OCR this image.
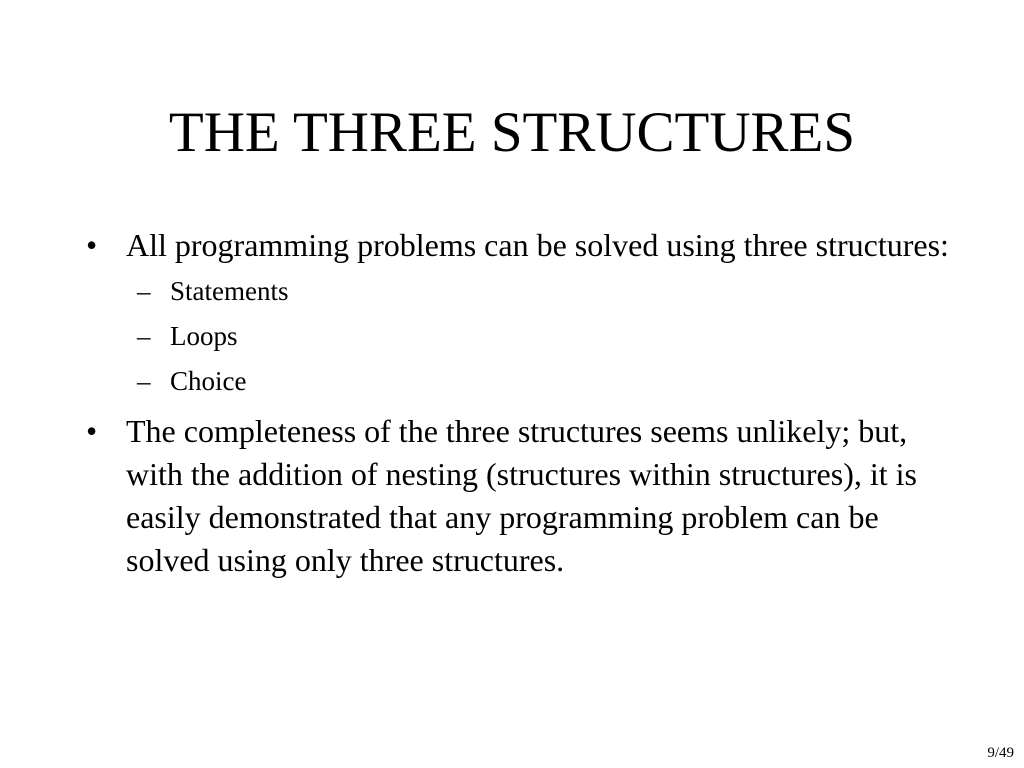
THE THREE STRUCTURES
• All programming problems can be solved using three structures:
– Statements
– Loops
– Choice
• The completeness of the three structures seems unlikely; but, with the addition of nesting (structures within structures), it is easily demonstrated that any programming problem can be solved using only three structures.
9/49
